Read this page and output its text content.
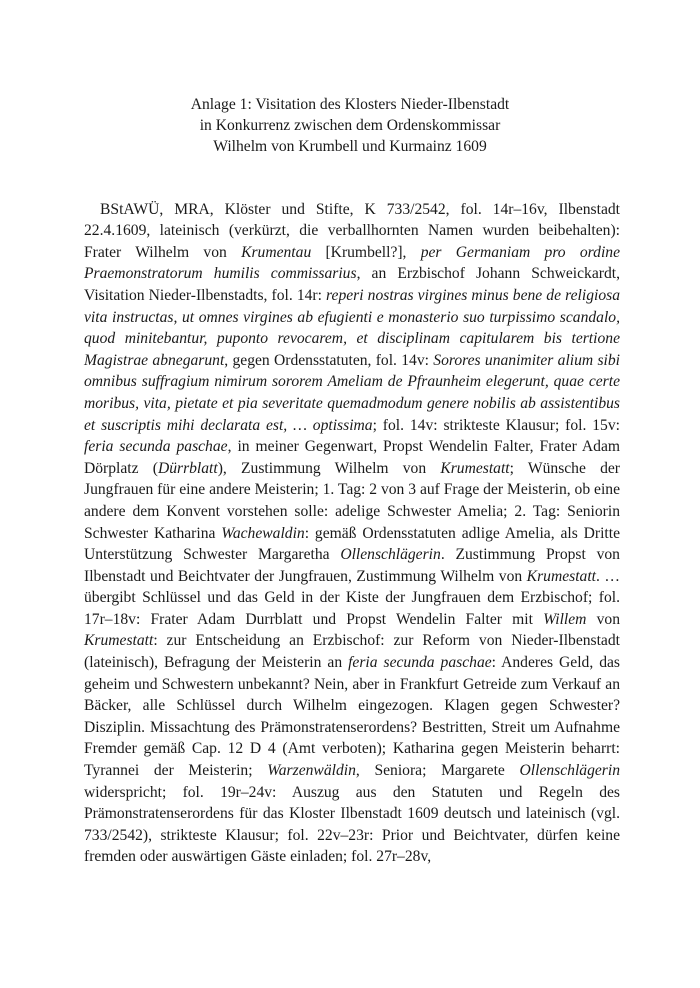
Anlage 1: Visitation des Klosters Nieder-Ilbenstadt
in Konkurrenz zwischen dem Ordenskommissar
Wilhelm von Krumbell und Kurmainz 1609

BStAWÜ, MRA, Klöster und Stifte, K 733/2542, fol. 14r–16v, Ilbenstadt 22.4.1609, lateinisch (verkürzt, die verballhornten Namen wurden beibehalten): Frater Wilhelm von Krumentau [Krumbell?], per Germaniam pro ordine Praemonstratorum humilis commissarius, an Erzbischof Johann Schweickardt, Visitation Nieder-Ilbenstadts, fol. 14r: reperi nostras virgines minus bene de religiosa vita instructas, ut omnes virgines ab efugienti e monasterio suo turpissimo scandalo, quod minitebantur, puponto revocarem, et disciplinam capitularem bis tertione Magistrae abnegarunt, gegen Ordensstatuten, fol. 14v: Sorores unanimiter alium sibi omnibus suffragium nimirum sororem Ameliam de Pfraunheim elegerunt, quae certe moribus, vita, pietate et pia severitate quemadmodum genere nobilis ab assistentibus et suscriptis mihi declarata est, … optissima; fol. 14v: strikteste Klausur; fol. 15v: feria secunda paschae, in meiner Gegenwart, Propst Wendelin Falter, Frater Adam Dörplatz (Dürrblatt), Zustimmung Wilhelm von Krumestatt; Wünsche der Jungfrauen für eine andere Meisterin; 1. Tag: 2 von 3 auf Frage der Meisterin, ob eine andere dem Konvent vorstehen solle: adelige Schwester Amelia; 2. Tag: Seniorin Schwester Katharina Wachewaldin: gemäß Ordensstatuten adlige Amelia, als Dritte Unterstützung Schwester Margaretha Ollenschlägerin. Zustimmung Propst von Ilbenstadt und Beichtvater der Jungfrauen, Zustimmung Wilhelm von Krumestatt. … übergibt Schlüssel und das Geld in der Kiste der Jungfrauen dem Erzbischof; fol. 17r–18v: Frater Adam Durrblatt und Propst Wendelin Falter mit Willem von Krumestatt: zur Entscheidung an Erzbischof: zur Reform von Nieder-Ilbenstadt (lateinisch), Befragung der Meisterin an feria secunda paschae: Anderes Geld, das geheim und Schwestern unbekannt? Nein, aber in Frankfurt Getreide zum Verkauf an Bäcker, alle Schlüssel durch Wilhelm eingezogen. Klagen gegen Schwester? Disziplin. Missachtung des Prämonstratenserordens? Bestritten, Streit um Aufnahme Fremder gemäß Cap. 12 D 4 (Amt verboten); Katharina gegen Meisterin beharrt: Tyrannei der Meisterin; Warzenwäldin, Seniora; Margarete Ollenschlägerin widerspricht; fol. 19r–24v: Auszug aus den Statuten und Regeln des Prämonstratenserordens für das Kloster Ilbenstadt 1609 deutsch und lateinisch (vgl. 733/2542), strikteste Klausur; fol. 22v–23r: Prior und Beichtvater, dürfen keine fremden oder auswärtigen Gäste einladen; fol. 27r–28v,
